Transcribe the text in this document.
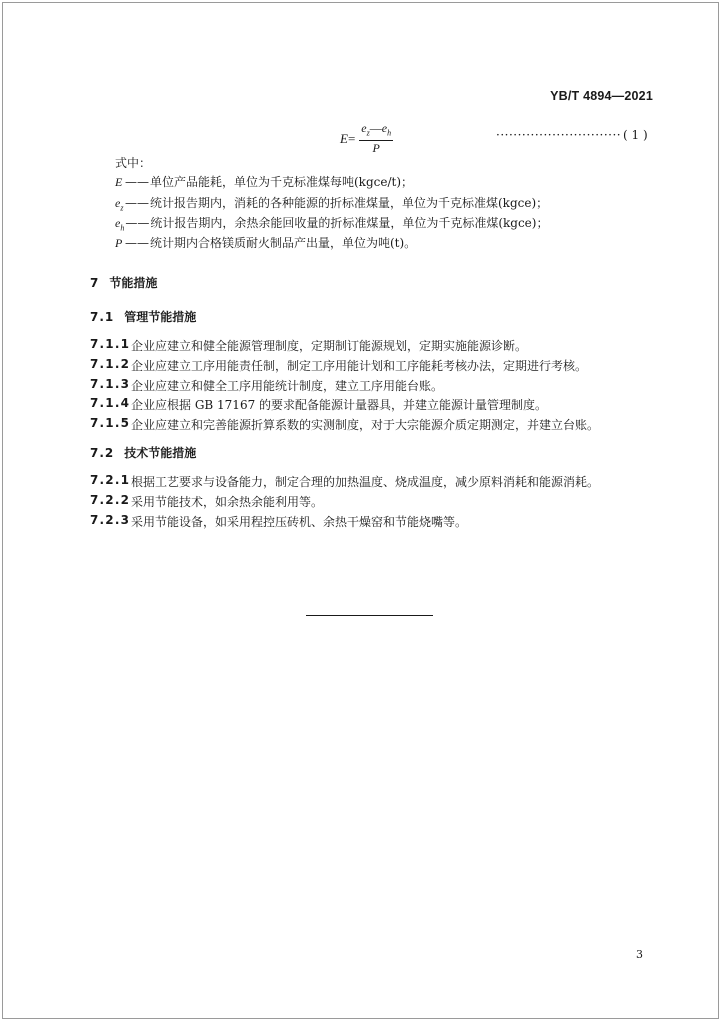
YB/T 4894—2021
$E= \frac{e_z—e_h}{P}$	····························· ( 1 )
式中：
E —— 单位产品能耗，单位为千克标准煤每吨(kgce/t)；
$e_z$ —— 统计报告期内，消耗的各种能源的折标准煤量，单位为千克标准煤(kgce)；
$e_h$ —— 统计报告期内，余热余能回收量的折标准煤量，单位为千克标准煤(kgce)；
P —— 统计期内合格镁质耐火制品产出量，单位为吨(t)。
7 节能措施
7.1 管理节能措施
7.1.1 企业应建立和健全能源管理制度，定期制订能源规划，定期实施能源诊断。
7.1.2 企业应建立工序用能责任制，制定工序用能计划和工序能耗考核办法，定期进行考核。
7.1.3 企业应建立和健全工序用能统计制度，建立工序用能台账。
7.1.4 企业应根据 GB 17167 的要求配备能源计量器具，并建立能源计量管理制度。
7.1.5 企业应建立和完善能源折算系数的实测制度，对于大宗能源介质定期测定，并建立台账。
7.2 技术节能措施
7.2.1 根据工艺要求与设备能力，制定合理的加热温度、烧成温度，减少原料消耗和能源消耗。
7.2.2 采用节能技术，如余热余能利用等。
7.2.3 采用节能设备，如采用程控压砖机、余热干燥窑和节能烧嘴等。
3
